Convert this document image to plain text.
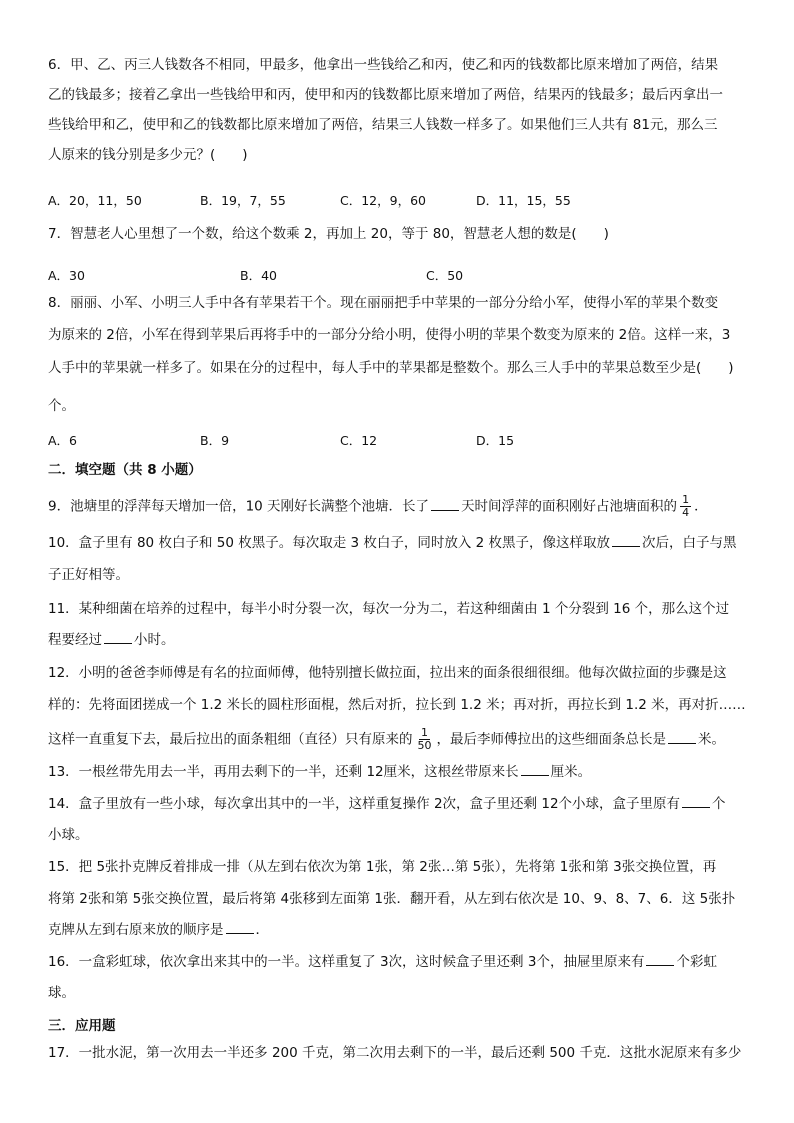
6．甲、乙、丙三人钱数各不相同，甲最多，他拿出一些钱给乙和丙，使乙和丙的钱数都比原来增加了两倍，结果
乙的钱最多；接着乙拿出一些钱给甲和丙，使甲和丙的钱数都比原来增加了两倍，结果丙的钱最多；最后丙拿出一
些钱给甲和乙，使甲和乙的钱数都比原来增加了两倍，结果三人钱数一样多了。如果他们三人共有 81元，那么三
人原来的钱分别是多少元？(　　)
A．20，11，50	B．19，7，55	C．12，9，60	D．11，15，55
7．智慧老人心里想了一个数，给这个数乘 2，再加上 20，等于 80，智慧老人想的数是(　　)
A．30	B．40	C．50
8．丽丽、小军、小明三人手中各有苹果若干个。现在丽丽把手中苹果的一部分分给小军，使得小军的苹果个数变
为原来的 2倍，小军在得到苹果后再将手中的一部分分给小明，使得小明的苹果个数变为原来的 2倍。这样一来，3
人手中的苹果就一样多了。如果在分的过程中，每人手中的苹果都是整数个。那么三人手中的苹果总数至少是(　　)
个。
A．6	B．9	C．12	D．15
二．填空题（共 8 小题）
9．池塘里的浮萍每天增加一倍，10 天刚好长满整个池塘．长了 天时间浮萍的面积刚好占池塘面积的 $\frac{1}{4}$ ．
10．盒子里有 80 枚白子和 50 枚黑子。每次取走 3 枚白子，同时放入 2 枚黑子，像这样取放 次后，白子与黑
子正好相等。
11．某种细菌在培养的过程中，每半小时分裂一次，每次一分为二，若这种细菌由 1 个分裂到 16 个，那么这个过
程要经过 小时。
12．小明的爸爸李师傅是有名的拉面师傅，他特别擅长做拉面，拉出来的面条很细很细。他每次做拉面的步骤是这
样的：先将面团搓成一个 1.2 米长的圆柱形面棍，然后对折，拉长到 1.2 米；再对折，再拉长到 1.2 米，再对折……
这样一直重复下去，最后拉出的面条粗细（直径）只有原来的 $\frac{1}{50}$ ，最后李师傅拉出的这些细面条总长是 米。
13．一根丝带先用去一半，再用去剩下的一半，还剩 12厘米，这根丝带原来长 厘米。
14．盒子里放有一些小球，每次拿出其中的一半，这样重复操作 2次，盒子里还剩 12个小球，盒子里原有 个
小球。
15．把 5张扑克牌反着排成一排（从左到右依次为第 1张，第 2张…第 5张），先将第 1张和第 3张交换位置，再
将第 2张和第 5张交换位置，最后将第 4张移到左面第 1张．翻开看，从左到右依次是 10、9、8、7、6．这 5张扑
克牌从左到右原来放的顺序是 ．
16．一盒彩虹球，依次拿出来其中的一半。这样重复了 3次，这时候盒子里还剩 3个，抽屉里原来有 个彩虹
球。
三．应用题
17．一批水泥，第一次用去一半还多 200 千克，第二次用去剩下的一半，最后还剩 500 千克．这批水泥原来有多少
